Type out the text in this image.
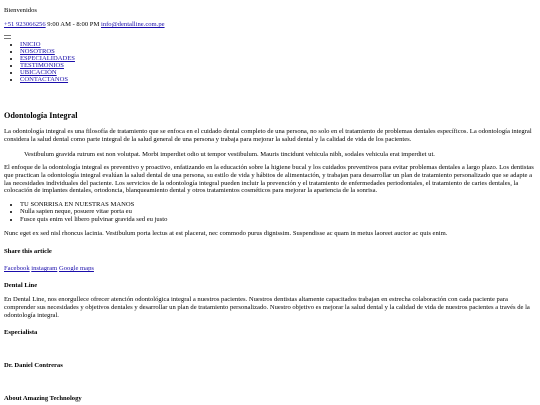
Bienvenidos

+51 923066256 9:00 AM - 8:00 PM info@dentalline.com.pe

• INICIO
• NOSOTROS
• ESPECIALIDADES
• TESTIMONIOS
• UBICACIÓN
• CONTACTANOS
Odontología Integral

La odontología integral es una filosofía de tratamiento que se enfoca en el cuidado dental completo de una persona, no solo en el tratamiento de problemas dentales específicos. La odontología integral considera la salud dental como parte integral de la salud general de una persona y trabaja para mejorar la salud dental y la calidad de vida de los pacientes.

Vestibulum gravida rutrum est non volutpat. Morbi imperdiet odio ut tempor vestibulum. Mauris tincidunt vehicula nibh, sodales vehicula erat imperdiet ut.

El enfoque de la odontología integral es preventivo y proactivo, enfatizando en la educación sobre la higiene bucal y los cuidados preventivos para evitar problemas dentales a largo plazo. Los dentistas que practican la odontología integral evalúan la salud dental de una persona, su estilo de vida y hábitos de alimentación, y trabajan para desarrollar un plan de tratamiento personalizado que se adapte a las necesidades individuales del paciente. Los servicios de la odontología integral pueden incluir la prevención y el tratamiento de enfermedades periodontales, el tratamiento de caries dentales, la colocación de implantes dentales, ortodoncia, blanqueamiento dental y otros tratamientos cosméticos para mejorar la apariencia de la sonrisa.

• TU SONRRISA EN NUESTRAS MANOS
• Nulla sapien neque, posuere vitae porta eu
• Fusce quis enim vel libero pulvinar gravida sed eu justo

Nunc eget ex sed nisl rhoncus lacinia. Vestibulum porta lectus at est placerat, nec commodo purus dignissim. Suspendisse ac quam in metus laoreet auctor ac quis enim.

Share this article

Facebook instagram Google maps

Dental Line

En Dental Line, nos enorgullece ofrecer atención odontológica integral a nuestros pacientes. Nuestros dentistas altamente capacitados trabajan en estrecha colaboración con cada paciente para comprender sus necesidades y objetivos dentales y desarrollar un plan de tratamiento personalizado. Nuestro objetivo es mejorar la salud dental y la calidad de vida de nuestros pacientes a través de la odontología integral.

Especialista
Dr. Daniel Contreras
About Amazing Technology
